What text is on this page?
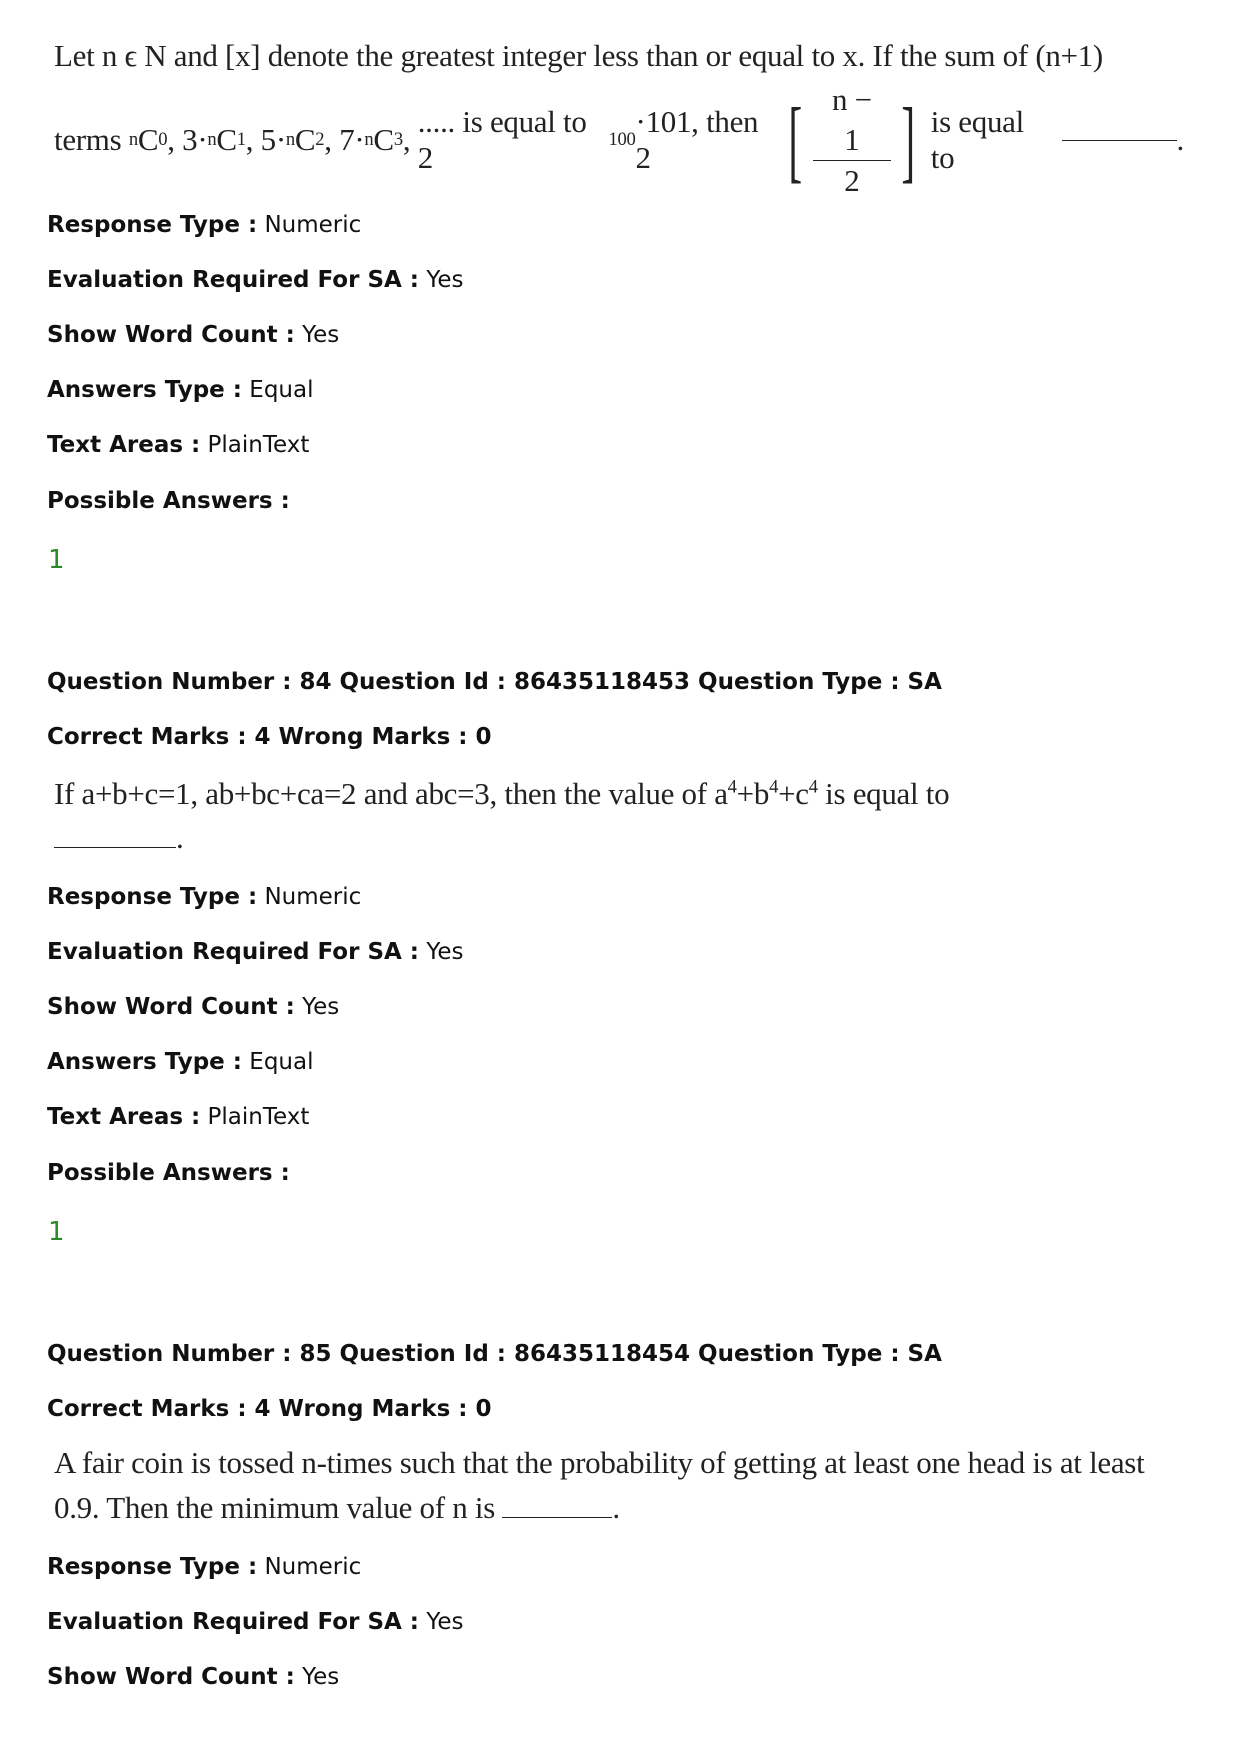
Let n ϵ N and [x] denote the greatest integer less than or equal to x. If the sum of (n+1)
terms
n C 0 , 3· n C 1 , 5· n C 2 , 7· n C 3 ,
..... is equal to 2
100
·101, then 2	[ $\frac{n - 1}{2}$ ]
is equal to

.
Response Type : Numeric
Evaluation Required For SA : Yes
Show Word Count : Yes
Answers Type : Equal
Text Areas : PlainText
Possible Answers :
1
Question Number : 84 Question Id : 86435118453 Question Type : SA
Correct Marks : 4 Wrong Marks : 0
If a+b+c=1, ab+bc+ca=2 and abc=3, then the value of $a^4+b^4+c^4$ is equal to
.
Response Type : Numeric
Evaluation Required For SA : Yes
Show Word Count : Yes
Answers Type : Equal
Text Areas : PlainText
Possible Answers :
1
Question Number : 85 Question Id : 86435118454 Question Type : SA
Correct Marks : 4 Wrong Marks : 0
A fair coin is tossed n-times such that the probability of getting at least one head is at least
0.9. Then the minimum value of n is	.
Response Type : Numeric
Evaluation Required For SA : Yes
Show Word Count : Yes
